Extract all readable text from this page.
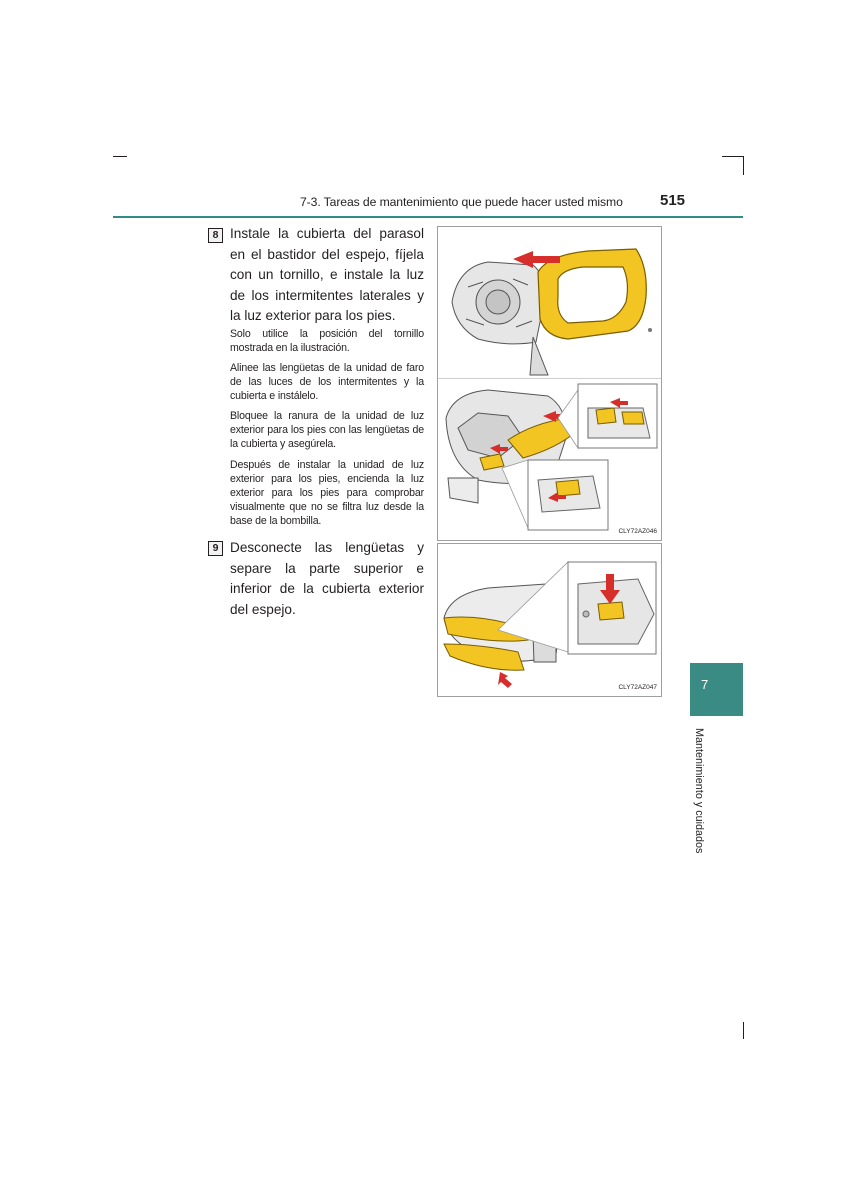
7-3. Tareas de mantenimiento que puede hacer usted mismo 515
8 Instale la cubierta del parasol en el bastidor del espejo, fíjela con un tornillo, e instale la luz de los intermitentes laterales y la luz exterior para los pies.
Solo utilice la posición del tornillo mostrada en la ilustración.
Alinee las lengüetas de la unidad de faro de las luces de los intermitentes y la cubierta e instálelo.
Bloquee la ranura de la unidad de luz exterior para los pies con las lengüetas de la cubierta y asegúrela.
Después de instalar la unidad de luz exterior para los pies, encienda la luz exterior para los pies para comprobar visualmente que no se filtra luz desde la base de la bombilla.
9 Desconecte las lengüetas y separe la parte superior e inferior de la cubierta exterior del espejo.
CLY72AZ046
CLY72AZ047	7
Mantenimiento y cuidados
